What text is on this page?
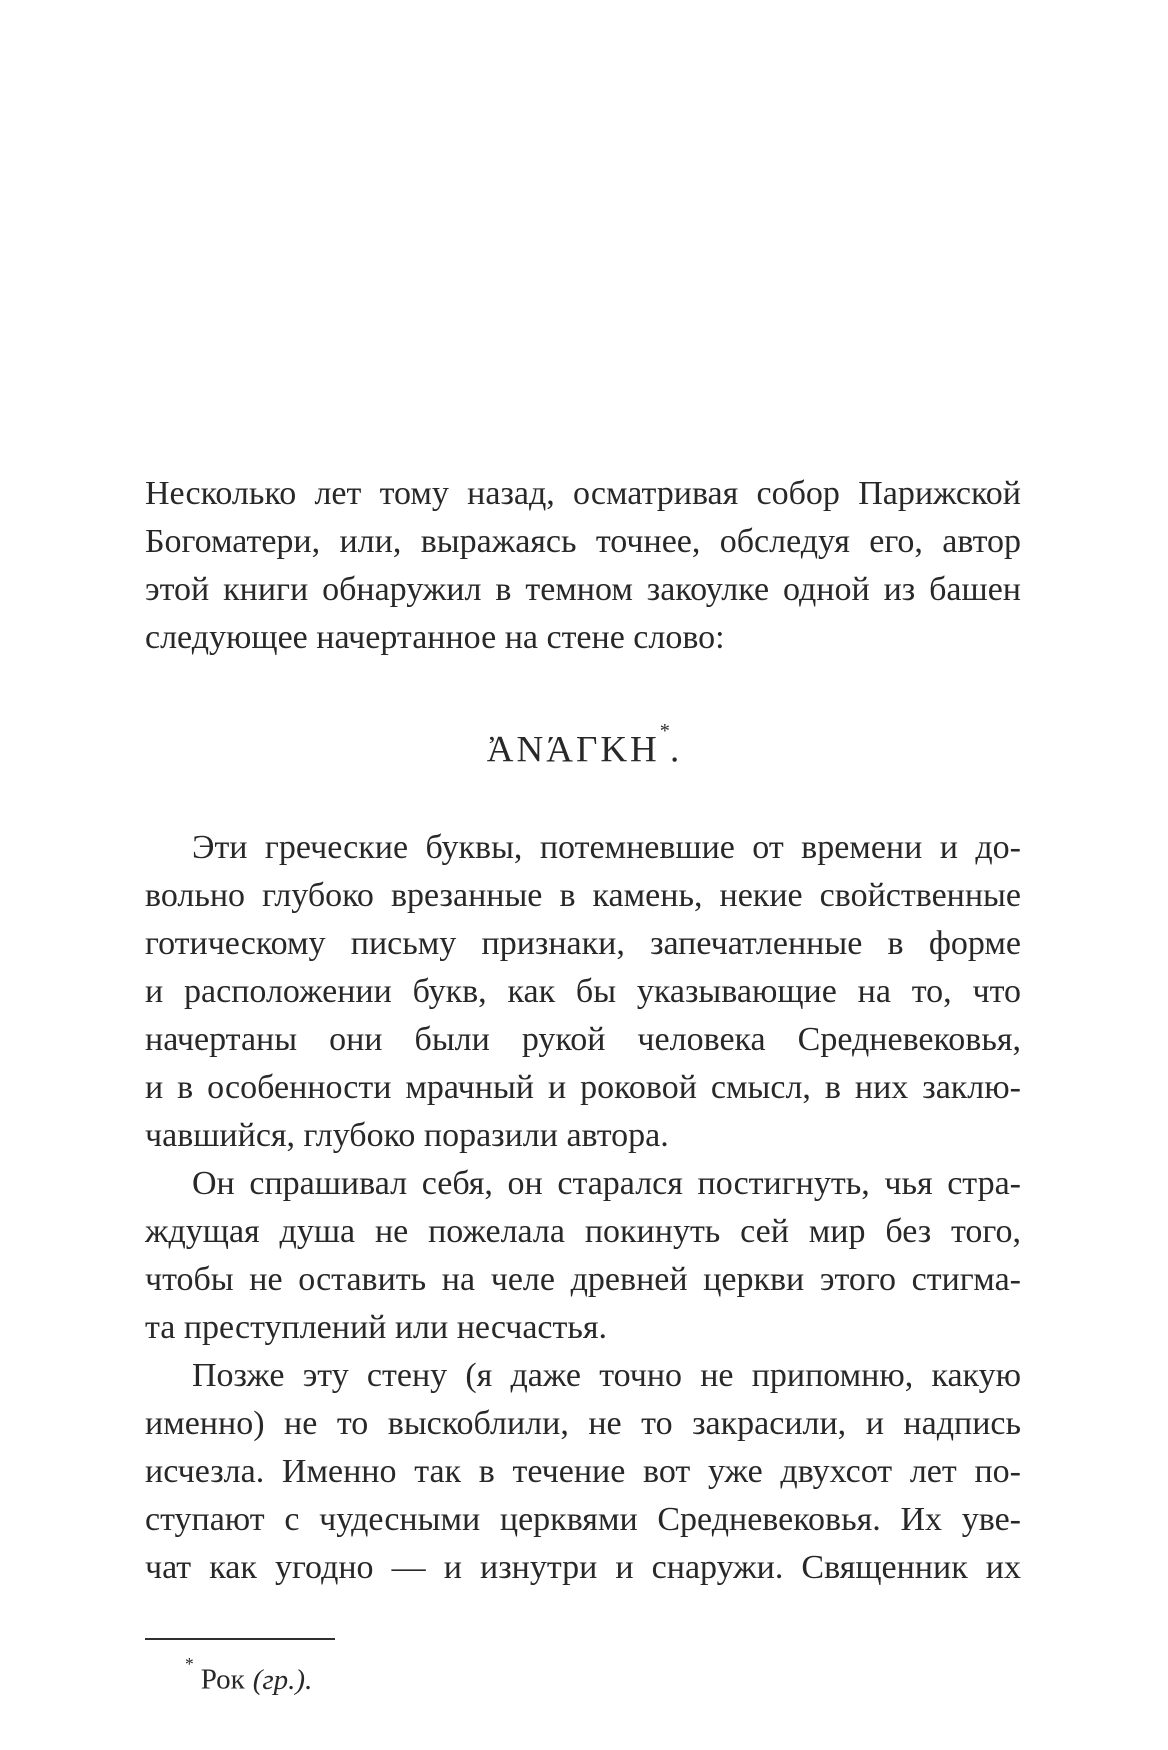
Несколько лет тому назад, осматривая собор Парижской
Богоматери, или, выражаясь точнее, обследуя его, автор
этой книги обнаружил в темном закоулке одной из башен
следующее начертанное на стене слово:
ἈΝΆΓΚΗ*.
Эти греческие буквы, потемневшие от времени и до-
вольно глубоко врезанные в камень, некие свойственные
готическому письму признаки, запечатленные в форме
и расположении букв, как бы указывающие на то, что
начертаны они были рукой человека Средневековья,
и в особенности мрачный и роковой смысл, в них заклю-
чавшийся, глубоко поразили автора.
Он спрашивал себя, он старался постигнуть, чья стра-
ждущая душа не пожелала покинуть сей мир без того,
чтобы не оставить на челе древней церкви этого стигма-
та преступлений или несчастья.
Позже эту стену (я даже точно не припомню, какую
именно) не то выскоблили, не то закрасили, и надпись
исчезла. Именно так в течение вот уже двухсот лет по-
ступают с чудесными церквями Средневековья. Их уве-
чат как угодно — и изнутри и снаружи. Священник их

*Рок (гр.).
